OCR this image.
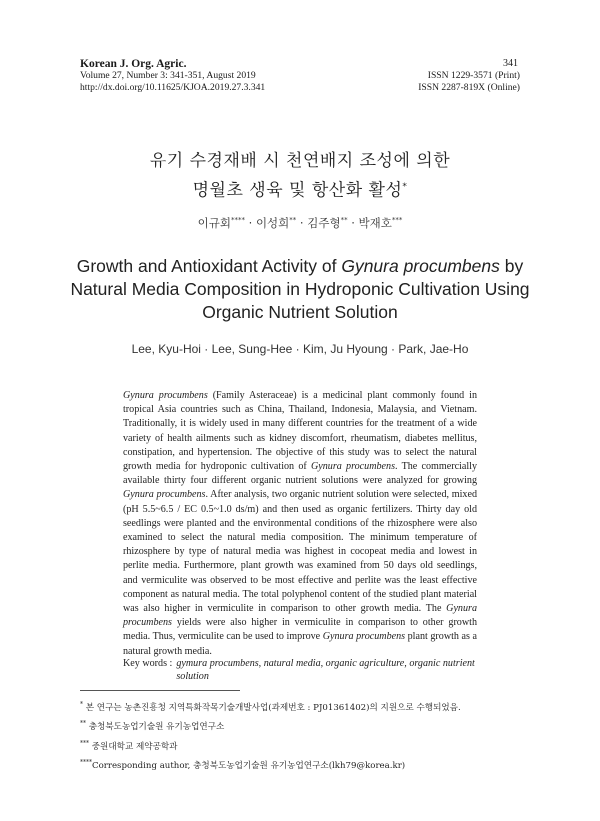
Korean J. Org. Agric.
Volume 27, Number 3: 341-351, August 2019	ISSN 1229-3571 (Print)
http://dx.doi.org/10.11625/KJOA.2019.27.3.341	ISSN 2287-819X (Online)
341
유기 수경재배 시 천연배지 조성에 의한
명월초 생육 및 항산화 활성*
이규회**** · 이성희** · 김주형** · 박재호***
Growth and Antioxidant Activity of Gynura procumbens by
Natural Media Composition in Hydroponic Cultivation Using
Organic Nutrient Solution
Lee, Kyu-Hoi · Lee, Sung-Hee · Kim, Ju Hyoung · Park, Jae-Ho

Gynura procumbens (Family Asteraceae) is a medicinal plant commonly found in tropical Asia countries such as China, Thailand, Indonesia, Malaysia, and Vietnam. Traditionally, it is widely used in many different countries for the treatment of a wide variety of health ailments such as kidney discomfort, rheumatism, diabetes mellitus, constipation, and hypertension. The objective of this study was to select the natural growth media for hydroponic cultivation of Gynura procumbens. The commercially available thirty four different organic nutrient solutions were analyzed for growing Gynura procumbens. After analysis, two organic nutrient solution were selected, mixed (pH 5.5~6.5 / EC 0.5~1.0 ds/m) and then used as organic fertilizers. Thirty day old seedlings were planted and the environmental conditions of the rhizosphere were also examined to select the natural media composition. The minimum temperature of rhizosphere by type of natural media was highest in cocopeat media and lowest in perlite media. Furthermore, plant growth was examined from 50 days old seedlings, and vermiculite was observed to be most effective and perlite was the least effective component as natural media. The total polyphenol content of the studied plant material was also higher in vermiculite in comparison to other growth media. The Gynura procumbens yields were also higher in vermiculite in comparison to other growth media. Thus, vermiculite can be used to improve Gynura procumbens plant growth as a natural growth media.

Key words : gymura procumbens, natural media, organic agriculture, organic nutrient solution
* 본 연구는 농촌진흥청 지역특화작목기술개발사업(과제번호 : PJ01361402)의 지원으로 수행되었음.
** 충청북도농업기술원 유기농업연구소
*** 중원대학교 제약공학과
****Corresponding author, 충청북도농업기술원 유기농업연구소(lkh79@korea.kr)
